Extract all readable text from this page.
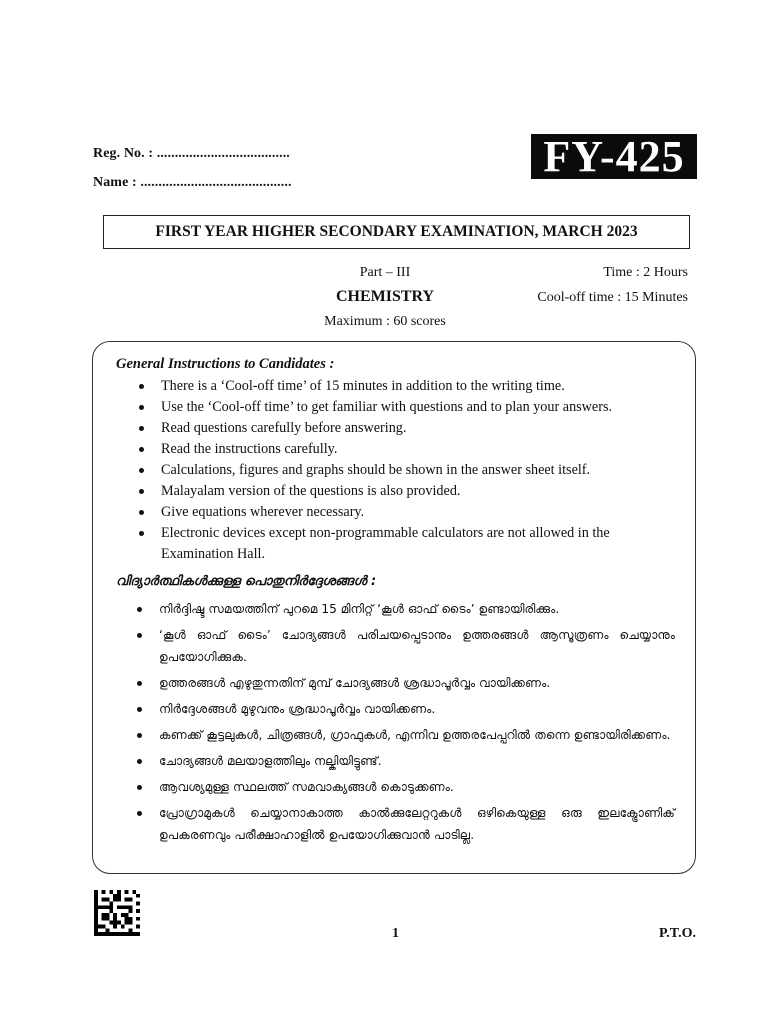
Reg. No. : .....................................
Name : ..........................................
FY-425
FIRST YEAR HIGHER SECONDARY EXAMINATION, MARCH 2023
Part – III
CHEMISTRY
Maximum : 60 scores
Time : 2 Hours
Cool-off time : 15 Minutes
General Instructions to Candidates :
There is a ‘Cool-off time’ of 15 minutes in addition to the writing time.
Use the ‘Cool-off time’ to get familiar with questions and to plan your answers.
Read questions carefully before answering.
Read the instructions carefully.
Calculations, figures and graphs should be shown in the answer sheet itself.
Malayalam version of the questions is also provided.
Give equations wherever necessary.
Electronic devices except non-programmable calculators are not allowed in the Examination Hall.
വിദ്യാർത്ഥികൾക്കുള്ള പൊതുനിർദ്ദേശങ്ങൾ :
നിർദ്ദിഷ്ട സമയത്തിന് പുറമെ 15 മിനിറ്റ് ‘കൂൾ ഓഫ് ടൈം’ ഉണ്ടായിരിക്കും.
‘കൂൾ ഓഫ് ടൈം’ ചോദ്യങ്ങൾ പരിചയപ്പെടാനും ഉത്തരങ്ങൾ ആസൂത്രണം ചെയ്യാനും ഉപയോഗിക്കുക.
ഉത്തരങ്ങൾ എഴുതുന്നതിന് മുമ്പ് ചോദ്യങ്ങൾ ശ്രദ്ധാപൂർവ്വം വായിക്കണം.
നിർദ്ദേശങ്ങൾ മുഴുവനും ശ്രദ്ധാപൂർവ്വം വായിക്കണം.
കണക്ക് കൂട്ടലുകൾ, ചിത്രങ്ങൾ, ഗ്രാഫുകൾ, എന്നിവ ഉത്തരപേപ്പറിൽ തന്നെ ഉണ്ടായിരിക്കണം.
ചോദ്യങ്ങൾ മലയാളത്തിലും നല്കിയിട്ടുണ്ട്.
ആവശ്യമുള്ള സ്ഥലത്ത് സമവാക്യങ്ങൾ കൊടുക്കണം.
പ്രോഗ്രാമുകൾ ചെയ്യാനാകാത്ത കാൽക്കുലേറ്ററുകൾ ഒഴികെയുള്ള ഒരു ഇലക്ട്രോണിക് ഉപകരണവും പരീക്ഷാഹാളിൽ ഉപയോഗിക്കുവാൻ പാടില്ല.
1	P.T.O.
